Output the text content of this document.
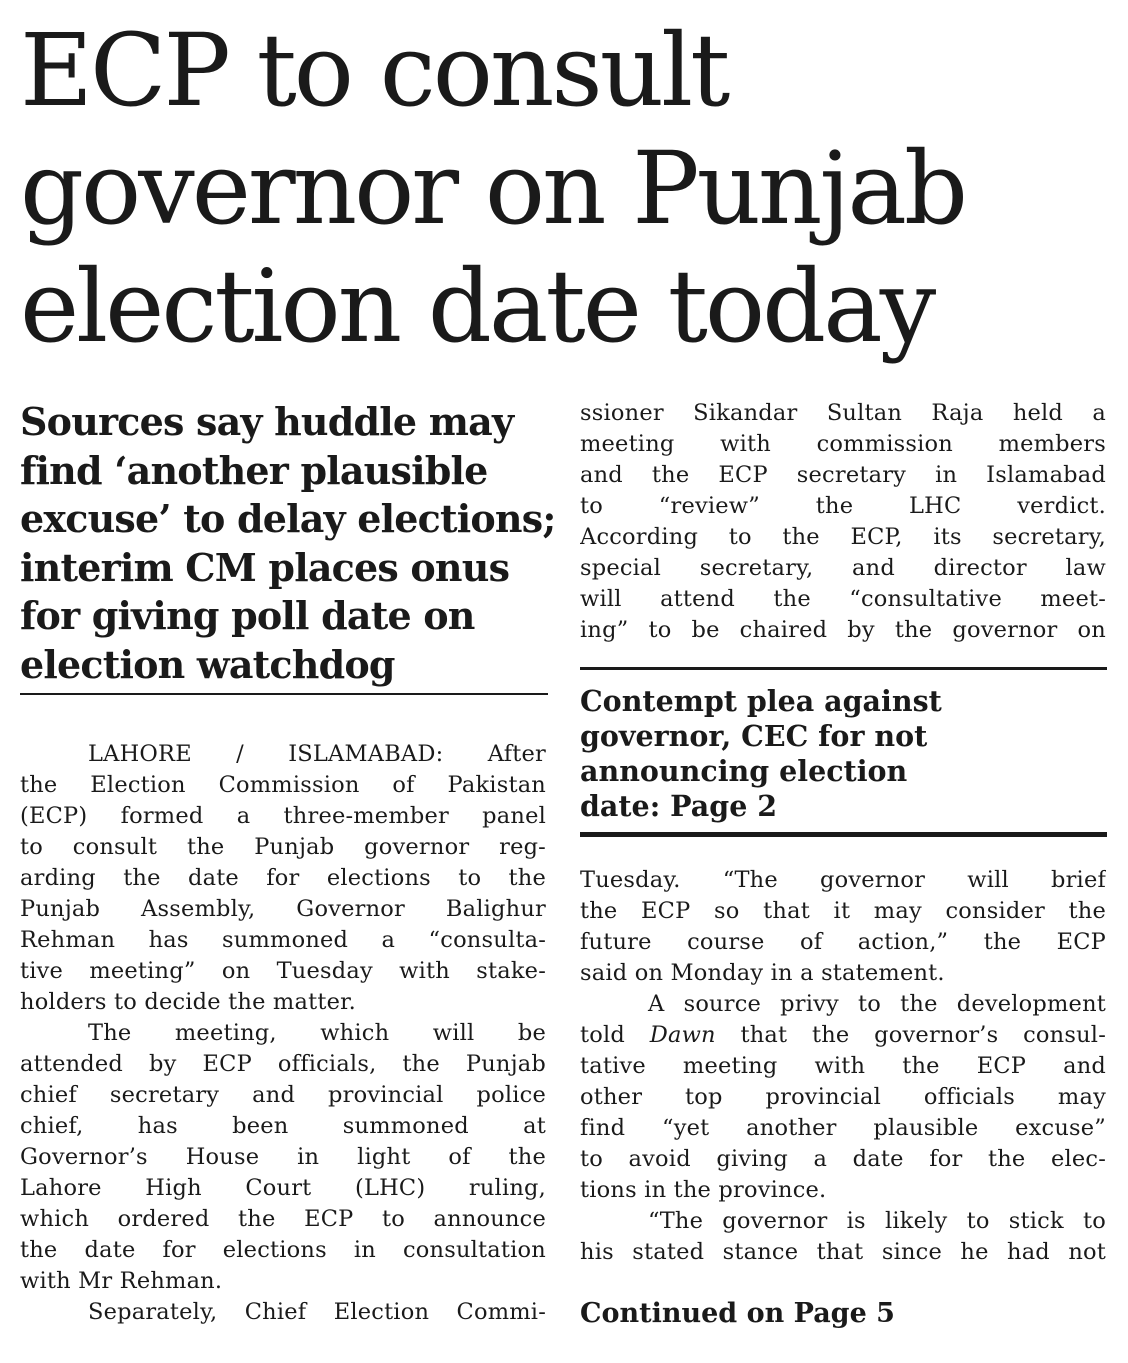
ECP to consult
governor on Punjab
election date today
Sources say huddle may
find ‘another plausible
excuse’ to delay elections;
interim CM places onus
for giving poll date on
election watchdog
LAHORE / ISLAMABAD: After
the Election Commission of Pakistan
(ECP) formed a three-member panel
to consult the Punjab governor reg-
arding the date for elections to the
Punjab Assembly, Governor Balighur
Rehman has summoned a “consulta-
tive meeting” on Tuesday with stake-
holders to decide the matter.
The meeting, which will be
attended by ECP officials, the Punjab
chief secretary and provincial police
chief, has been summoned at
Governor’s House in light of the
Lahore High Court (LHC) ruling,
which ordered the ECP to announce
the date for elections in consultation
with Mr Rehman.
Separately, Chief Election Commi-
ssioner Sikandar Sultan Raja held a
meeting with commission members
and the ECP secretary in Islamabad
to “review” the LHC verdict.
According to the ECP, its secretary,
special secretary, and director law
will attend the “consultative meet-
ing” to be chaired by the governor on
Contempt plea against
governor, CEC for not
announcing election
date: Page 2
Tuesday. “The governor will brief
the ECP so that it may consider the
future course of action,” the ECP
said on Monday in a statement.
A source privy to the development
told Dawn that the governor’s consul-
tative meeting with the ECP and
other top provincial officials may
find “yet another plausible excuse”
to avoid giving a date for the elec-
tions in the province.
“The governor is likely to stick to
his stated stance that since he had not

Continued on Page 5
